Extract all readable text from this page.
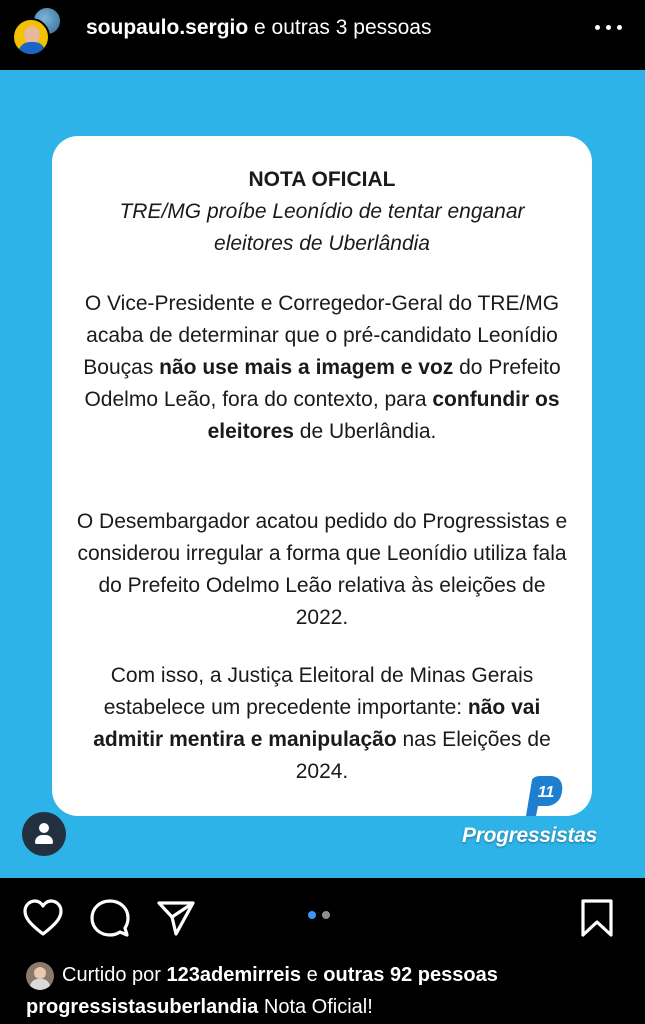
soupaulo.sergio e outras 3 pessoas
NOTA OFICIAL
TRE/MG proíbe Leonídio de tentar enganar eleitores de Uberlândia
O Vice-Presidente e Corregedor-Geral do TRE/MG acaba de determinar que o pré-candidato Leonídio Bouças não use mais a imagem e voz do Prefeito Odelmo Leão, fora do contexto, para confundir os eleitores de Uberlândia.
O Desembargador acatou pedido do Progressistas e considerou irregular a forma que Leonídio utiliza fala do Prefeito Odelmo Leão relativa às eleições de 2022.
Com isso, a Justiça Eleitoral de Minas Gerais estabelece um precedente importante: não vai admitir mentira e manipulação nas Eleições de 2024.
11
Progressistas
Curtido por 123ademirreis e outras 92 pessoas
progressistasuberlandia Nota Oficial!
